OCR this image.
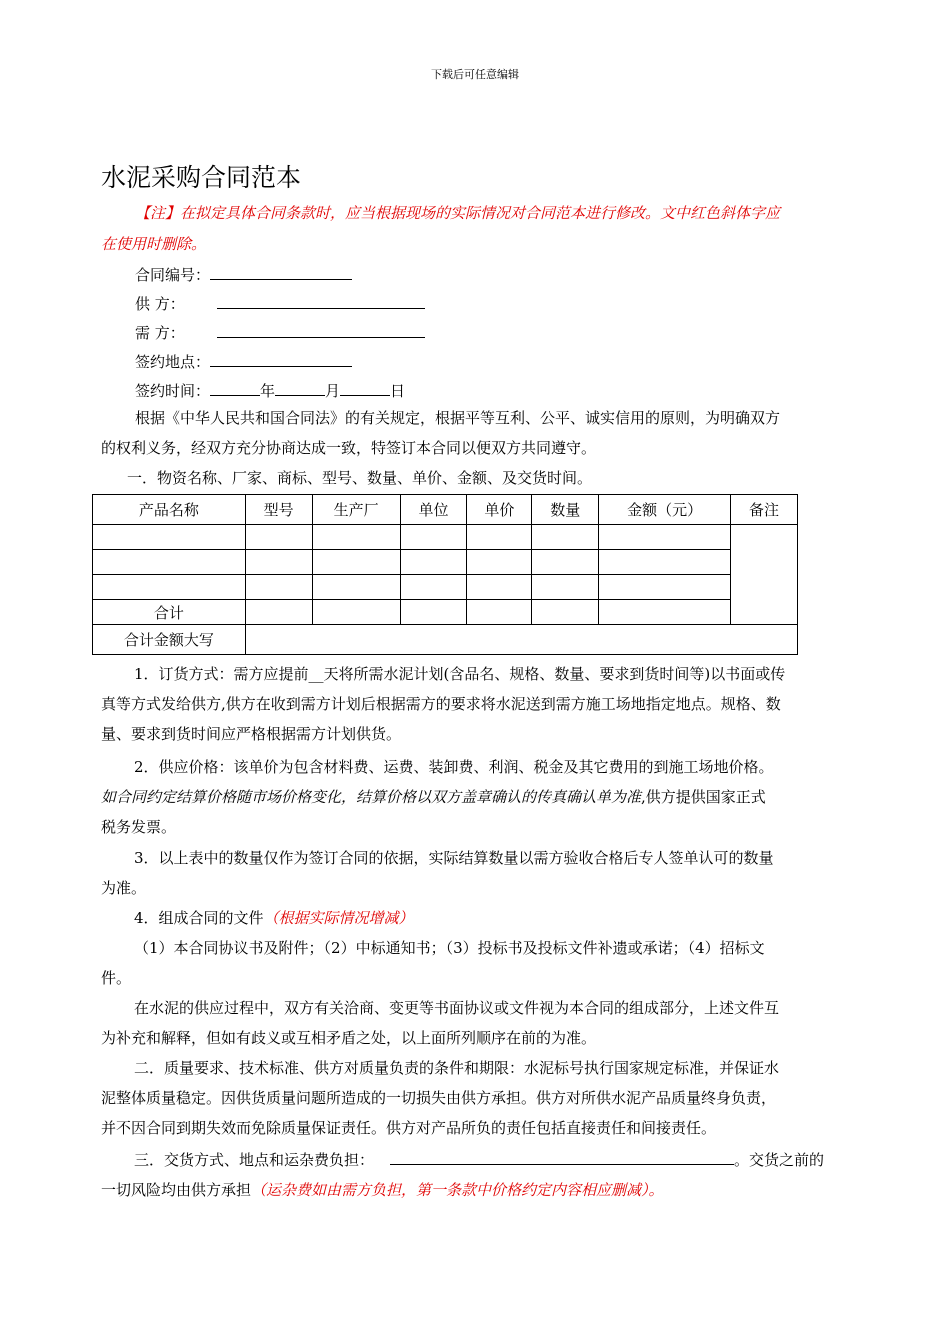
下载后可任意编辑
水泥采购合同范本
【注】在拟定具体合同条款时，应当根据现场的实际情况对合同范本进行修改。文中红色斜体字应
在使用时删除。
合同编号：
供 方：
需 方：
签约地点：
签约时间：	年	月	日
根据《中华人民共和国合同法》的有关规定，根据平等互利、公平、诚实信用的原则，为明确双方
的权利义务，经双方充分协商达成一致，特签订本合同以便双方共同遵守。
一．物资名称、厂家、商标、型号、数量、单价、金额、及交货时间。
产品名称	型号	生产厂	单位	单价	数量	金额（元）	备注

合计							
合计金额大写							
1．订货方式：需方应提前__天将所需水泥计划(含品名、规格、数量、要求到货时间等)以书面或传
真等方式发给供方,供方在收到需方计划后根据需方的要求将水泥送到需方施工场地指定地点。规格、数
量、要求到货时间应严格根据需方计划供货。
2．供应价格：该单价为包含材料费、运费、装卸费、利润、税金及其它费用的到施工场地价格。
如合同约定结算价格随市场价格变化，结算价格以双方盖章确认的传真确认单为准,供方提供国家正式
税务发票。
3．以上表中的数量仅作为签订合同的依据，实际结算数量以需方验收合格后专人签单认可的数量
为准。
4．组成合同的文件（根据实际情况增减）
（1）本合同协议书及附件；（2）中标通知书；（3）投标书及投标文件补遗或承诺；（4）招标文
件。
在水泥的供应过程中，双方有关洽商、变更等书面协议或文件视为本合同的组成部分，上述文件互
为补充和解释，但如有歧义或互相矛盾之处，以上面所列顺序在前的为准。
二．质量要求、技术标准、供方对质量负责的条件和期限：水泥标号执行国家规定标准，并保证水
泥整体质量稳定。因供货质量问题所造成的一切损失由供方承担。供方对所供水泥产品质量终身负责，
并不因合同到期失效而免除质量保证责任。供方对产品所负的责任包括直接责任和间接责任。
三．交货方式、地点和运杂费负担：	。交货之前的
一切风险均由供方承担（运杂费如由需方负担，第一条款中价格约定内容相应删减）。
